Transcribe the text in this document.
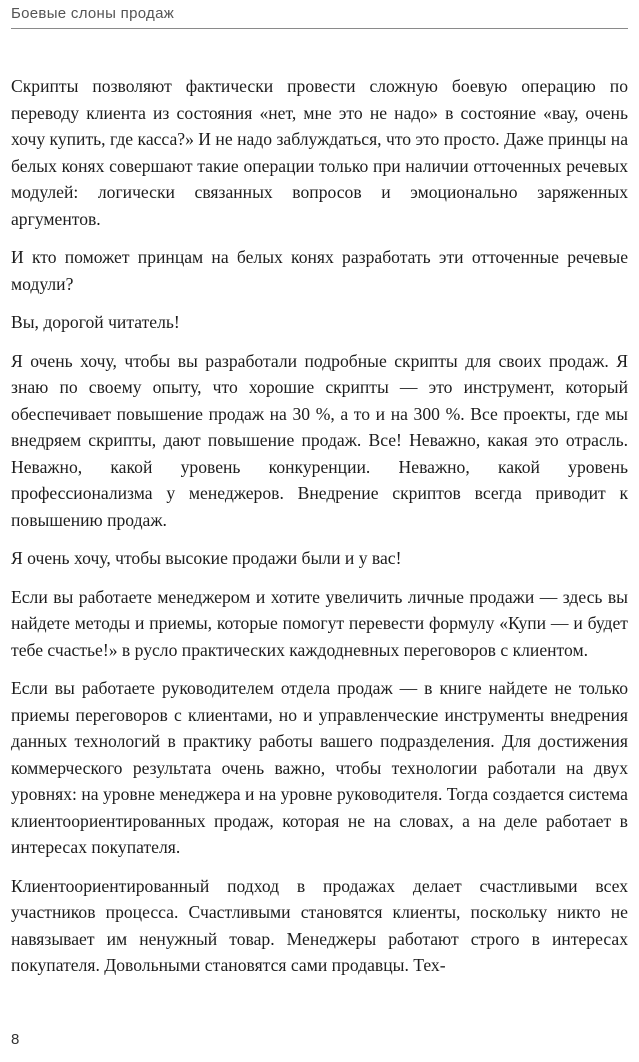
Боевые слоны продаж

Скрипты позволяют фактически провести сложную боевую операцию по переводу клиента из состояния «нет, мне это не надо» в состояние «вау, очень хочу купить, где касса?» И не надо заблуждаться, что это просто. Даже принцы на белых конях совершают такие операции только при наличии отточенных речевых модулей: логически связанных вопросов и эмоционально заряженных аргументов.

И кто поможет принцам на белых конях разработать эти отточенные речевые модули?

Вы, дорогой читатель!

Я очень хочу, чтобы вы разработали подробные скрипты для своих продаж. Я знаю по своему опыту, что хорошие скрипты — это инструмент, который обеспечивает повышение продаж на 30 %, а то и на 300 %. Все проекты, где мы внедряем скрипты, дают повышение продаж. Все! Неважно, какая это отрасль. Неважно, какой уровень конкуренции. Неважно, какой уровень профессионализма у менеджеров. Внедрение скриптов всегда приводит к повышению продаж.

Я очень хочу, чтобы высокие продажи были и у вас!

Если вы работаете менеджером и хотите увеличить личные продажи — здесь вы найдете методы и приемы, которые помогут перевести формулу «Купи — и будет тебе счастье!» в русло практических каждодневных переговоров с клиентом.

Если вы работаете руководителем отдела продаж — в книге найдете не только приемы переговоров с клиентами, но и управленческие инструменты внедрения данных технологий в практику работы вашего подразделения. Для достижения коммерческого результата очень важно, чтобы технологии работали на двух уровнях: на уровне менеджера и на уровне руководителя. Тогда создается система клиентоориентированных продаж, которая не на словах, а на деле работает в интересах покупателя.

Клиентоориентированный подход в продажах делает счастливыми всех участников процесса. Счастливыми становятся клиенты, поскольку никто не навязывает им ненужный товар. Менеджеры работают строго в интересах покупателя. Довольными становятся сами продавцы. Тех-

8
